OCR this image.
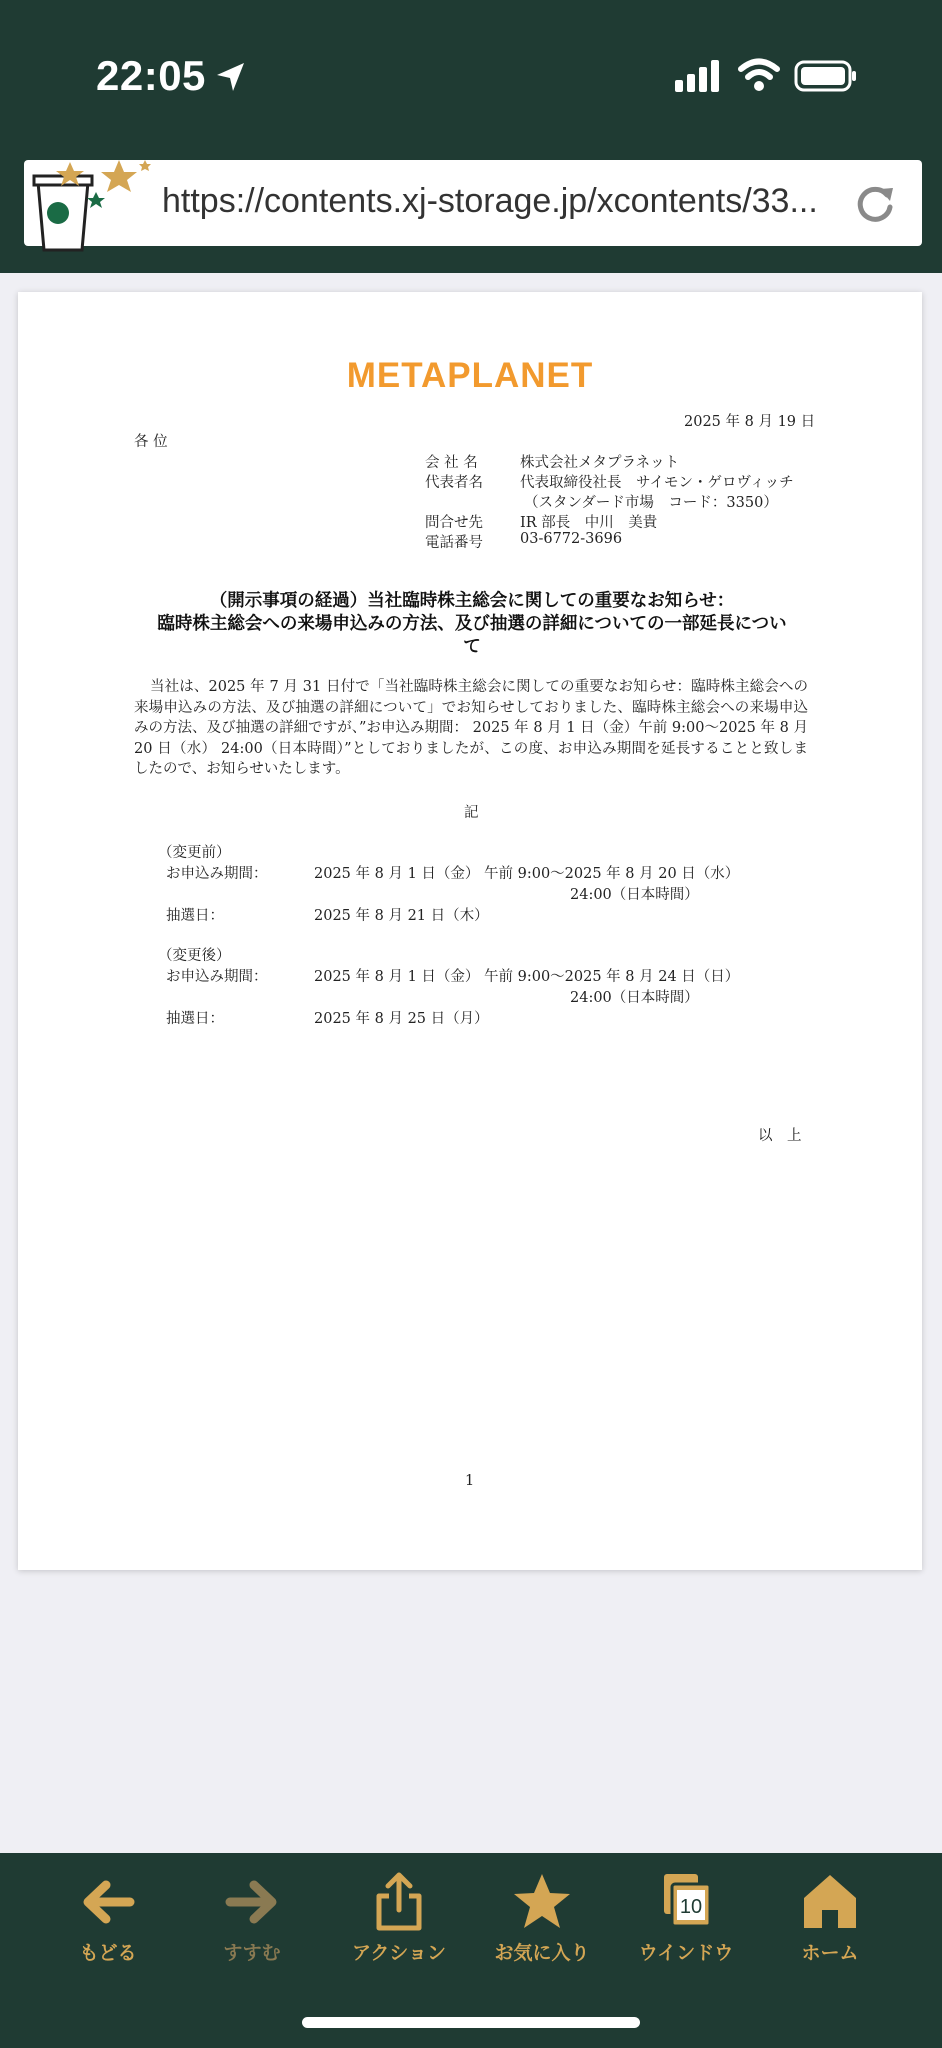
22:05
https://contents.xj-storage.jp/xcontents/33...
METAPLANET
2025 年 8 月 19 日
各 位
会 社 名	株式会社メタプラネット
代表者名	代表取締役社長　サイモン・ゲロヴィッチ
（スタンダード市場　コード：3350）
問合せ先	IR 部長　中川　美貴
電話番号	03-6772-3696
（開示事項の経過）当社臨時株主総会に関しての重要なお知らせ：
臨時株主総会への来場申込みの方法、及び抽選の詳細についての一部延長につい
て
当社は、2025 年 7 月 31 日付で「当社臨時株主総会に関しての重要なお知らせ：臨時株主総会への来場申込みの方法、及び抽選の詳細について」でお知らせしておりました、臨時株主総会への来場申込みの方法、及び抽選の詳細ですが、”お申込み期間： 2025 年 8 月 1 日（金）午前 9:00〜2025 年 8 月 20 日（水） 24:00（日本時間）”としておりましたが、この度、お申込み期間を延長することと致しましたので、お知らせいたします。
記
（変更前）
お申込み期間：	2025 年 8 月 1 日（金） 午前 9:00〜2025 年 8 月 20 日（水）
24:00（日本時間）
抽選日：	2025 年 8 月 21 日（木）
（変更後）
お申込み期間：	2025 年 8 月 1 日（金） 午前 9:00〜2025 年 8 月 24 日（日）
24:00（日本時間）
抽選日：	2025 年 8 月 25 日（月）
以　上
1
もどる	すすむ	アクション	お気に入り
10
ウインドウ	ホーム
